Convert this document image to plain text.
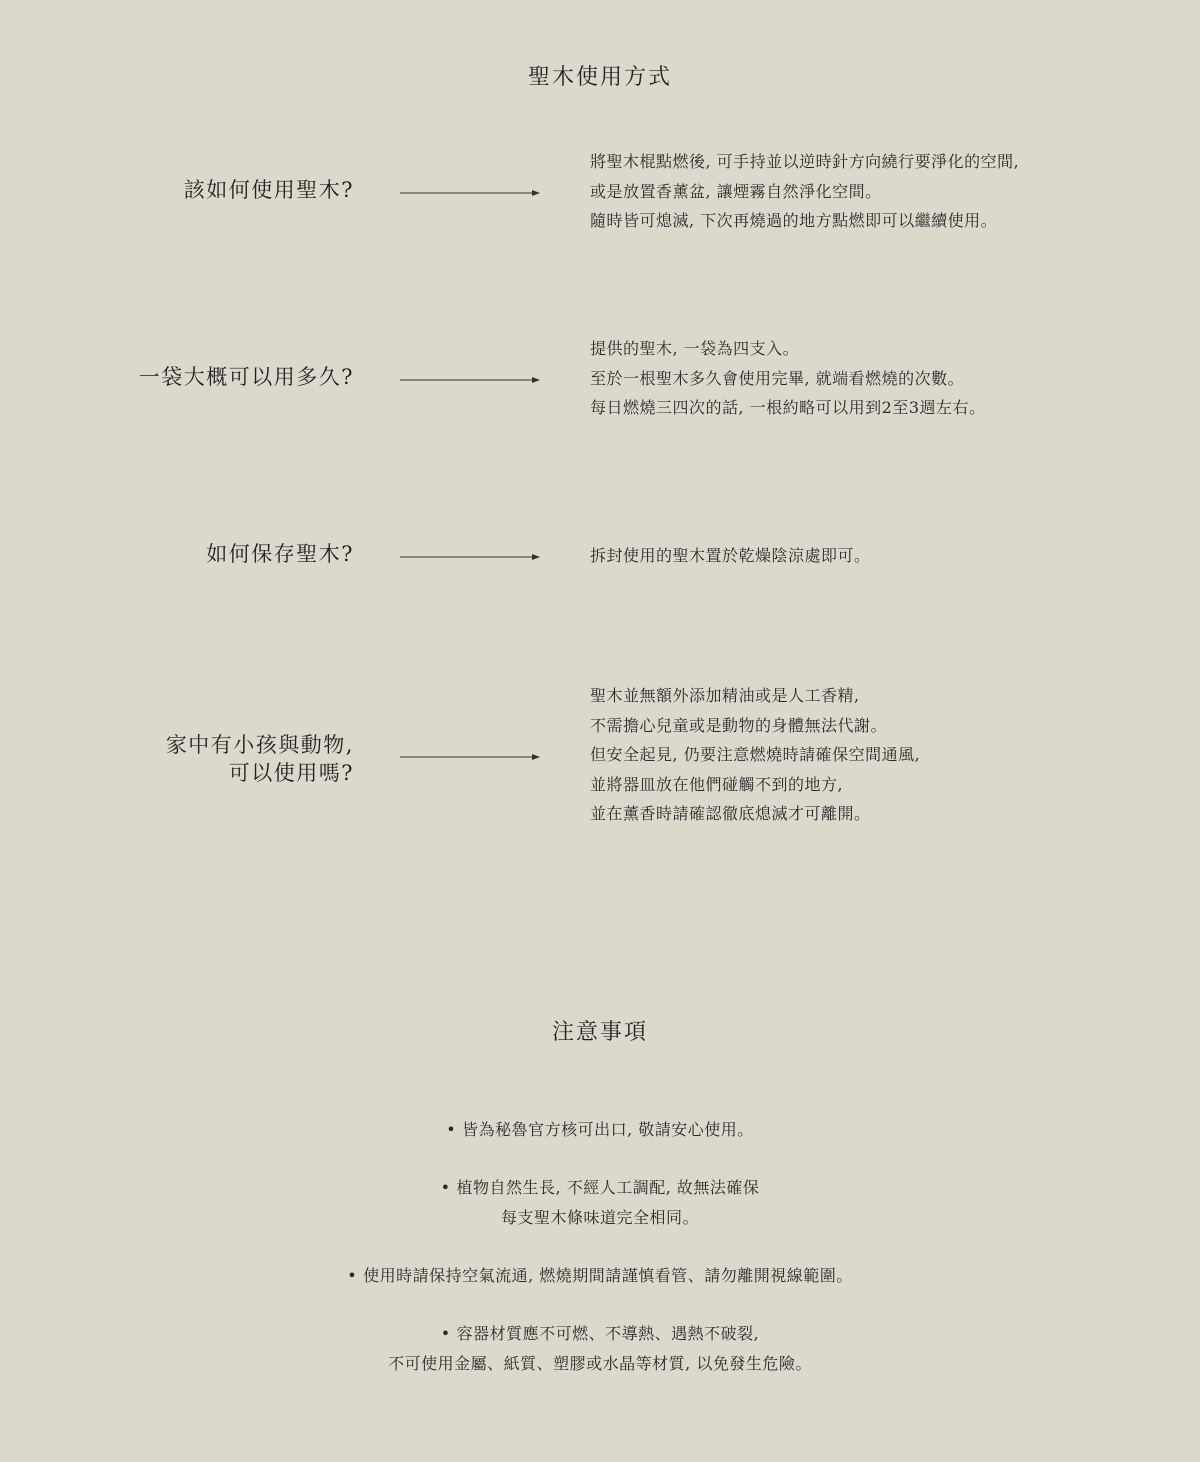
聖木使用方式
該如何使用聖木?
將聖木棍點燃後, 可手持並以逆時針方向繞行要淨化的空間,
或是放置香薰盆, 讓煙霧自然淨化空間。
隨時皆可熄滅, 下次再燒過的地方點燃即可以繼續使用。
一袋大概可以用多久?
提供的聖木, 一袋為四支入。
至於一根聖木多久會使用完畢, 就端看燃燒的次數。
每日燃燒三四次的話, 一根約略可以用到2至3週左右。
如何保存聖木?	拆封使用的聖木置於乾燥陰涼處即可。
家中有小孩與動物,
可以使用嗎?
聖木並無額外添加精油或是人工香精,
不需擔心兒童或是動物的身體無法代謝。
但安全起見, 仍要注意燃燒時請確保空間通風,
並將器皿放在他們碰觸不到的地方,
並在薰香時請確認徹底熄滅才可離開。
注意事項
• 皆為秘魯官方核可出口, 敬請安心使用。
• 植物自然生長, 不經人工調配, 故無法確保
每支聖木條味道完全相同。
• 使用時請保持空氣流通, 燃燒期間請謹慎看管、請勿離開視線範圍。
• 容器材質應不可燃、不導熱、遇熱不破裂,
不可使用金屬、紙質、塑膠或水晶等材質, 以免發生危險。
